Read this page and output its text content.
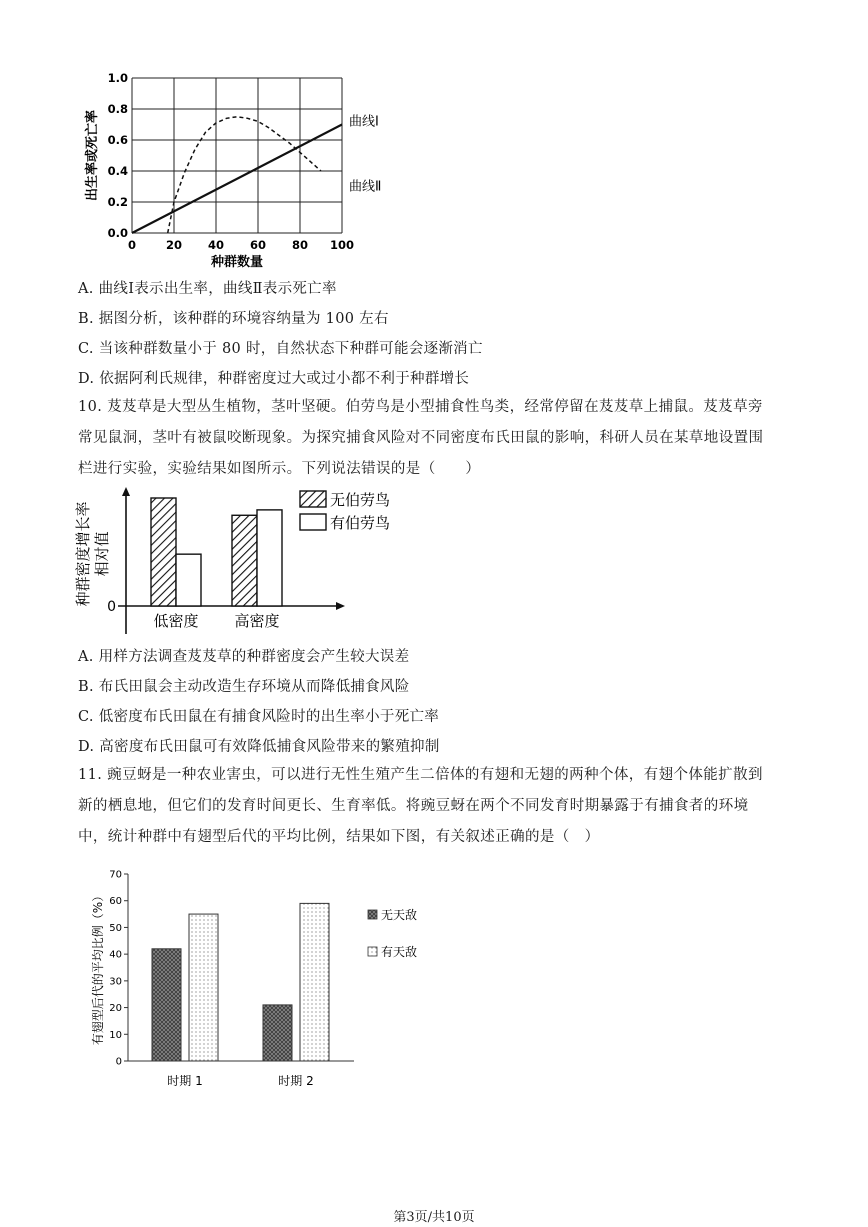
0	20 40 60 80 100
0.0
0.2
0.4
0.6
0.8
1.0
种群数量
出生率或死亡率	曲线Ⅰ
曲线Ⅱ
A. 曲线Ⅰ表示出生率，曲线Ⅱ表示死亡率
B. 据图分析，该种群的环境容纳量为 100 左右
C. 当该种群数量小于 80 时，自然状态下种群可能会逐渐消亡
D. 依据阿利氏规律，种群密度过大或过小都不利于种群增长
10. 芨芨草是大型丛生植物，茎叶坚硬。伯劳鸟是小型捕食性鸟类，经常停留在芨芨草上捕鼠。芨芨草旁
常见鼠洞，茎叶有被鼠咬断现象。为探究捕食风险对不同密度布氏田鼠的影响，科研人员在某草地设置围
栏进行实验，实验结果如图所示。下列说法错误的是（　　）
0
种群密度增长率 相对值
低密度 高密度
无伯劳鸟
有伯劳鸟
A. 用样方法调查芨芨草的种群密度会产生较大误差
B. 布氏田鼠会主动改造生存环境从而降低捕食风险
C. 低密度布氏田鼠在有捕食风险时的出生率小于死亡率
D. 高密度布氏田鼠可有效降低捕食风险带来的繁殖抑制
11. 豌豆蚜是一种农业害虫，可以进行无性生殖产生二倍体的有翅和无翅的两种个体，有翅个体能扩散到
新的栖息地，但它们的发育时间更长、生育率低。将豌豆蚜在两个不同发育时期暴露于有捕食者的环境
中，统计种群中有翅型后代的平均比例，结果如下图，有关叙述正确的是（　）
0
10
20
30
40
50
60
70
有翅型后代的平均比例（%）
时期 1	时期 2
无天敌
有天敌
第3页/共10页
